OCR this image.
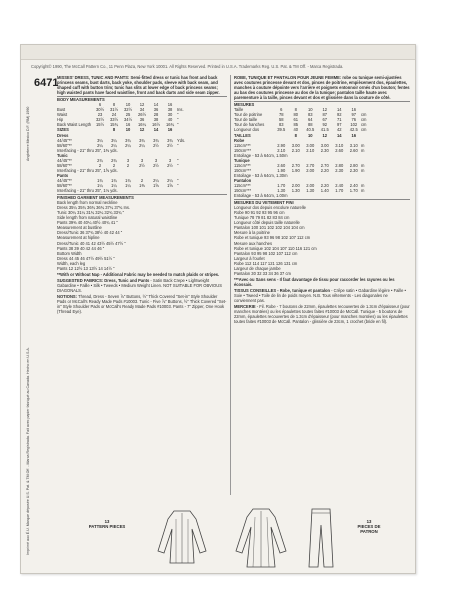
Copyright© 1990, The McCall Pattern Co., 11 Penn Plaza, New York 10001. All Rights Reserved. Printed in U.S.A. Trademarks Reg. U.S. Pat. & TM Off. - Marca Registrada.
Angleterre Mexico D.F. (RM) 1990
Imprimé aux É.U. Marque déposée U.S. Pat. & TM Off. - Marca Registrada. Fait avec papier fabriqué au Canada. Hecho en U.S.A.
6471
MISSES' DRESS, TUNIC AND PANTS: Semi-fitted dress or tunic has front and back princess seams, bust darts, back yoke, shoulder pads, sleeve with back seam, and shaped cuff with button trim; tunic has slits at lower edge of back princess seams; high waisted pants have faced waistline, front and back darts and side seam zipper.
BODY MEASUREMENTS
6	8	10	12	14	16
Bust	30½	31½	32½	34	36	38	Ins.
Waist	23	24	25	26½	28	30	"
Hip	32½	33½	34½	36	38	40	"
Back Waist Length	15½	15¾	16	16¼	16½	16¾ "
SIZES	8	10	12	14	16
Dress
44/45"**	3¼	3¼	3¾	3¾	3¾	3¾	Yds.
58/60"**	2¼	2¼	2¼	2¼	2½	2½	"
Interfacing - 21" thru 25", 1⅜ yds.
Tunic
44/45"**	2¾	2¾	3	3	3	3	"
58/60"**	2	2	2	2½	2½	2½	"
Interfacing - 21" thru 25", 1⅝ yds.
Pants
44/45"**	1¾	1¾	1¾	2	2¼	2¼	"
58/60"**	1¼	1¼	1¼	1⅜	1⅝	1⅝	"
Interfacing - 21" thru 25", 1⅛ yds.
FINISHED GARMENT MEASUREMENTS
Back length from normal neckline
Dress 35¼ 35¾ 36¾ 36¾ 37¼ 37¾ Ins.
Tunic 30¼ 31¼ 31¾ 32¼ 32¾ 33¾ "
Side length from natural waistline
Pants 39⅜ 40 40¼ 40½ 40¾ 41 "
Measurement at bustline
Dress/Tunic 36 37¾ 38½ 40 42 44 "
Measurement at hipline
Dress/Tunic 40 41 42 43½ 45½ 47½ "
Pants 38 39 40 42 44 46 "
Bottom Width
Dress 44 45 46 47½ 49½ 51½ "
Width, each leg
Pants 12 12½ 13 13½ 14 14½ "
**With or Without Nap - Additional Fabric may be needed to match plaids or stripes.
SUGGESTED FABRICS: Dress, Tunic and Pants - Satin Back Crepe • Lightweight Gabardine • Faille • Silk • Tweeds • Medium Weight Linen. NOT SUITABLE FOR OBVIOUS DIAGONALS.
NOTIONS: Thread, Dress - Seven ⅞" Buttons, ½" Thick Covered "Set-in" Style Shoulder Pads or McCall's Ready Made Pads #10003. Tunic - Five ⅞" Buttons, ½" Thick Covered "Set-in" Style Shoulder Pads or McCall's Ready Made Pads #10003. Pants - 7" Zipper, One Hook (Thread Eye).
ROBE, TUNIQUE ET PANTALON POUR JEUNE FEMME: robe ou tunique semi-ajustées avec coutures princesse devant et dos, pinces de poitrine, empiècement dos, épaulettes, manches à couture dépointe vers l'arrière et poignets entonnoir ornés d'un bouton; fentes au bas des coutures princesse au dos de la tunique; pantalon taille haute avec parementure à la taille, pinces devant et dos et glissière dans la couture de côté.
MESURES
Taille	6	8	10	12	14	16
Tour de poitrine	78	80	83	87	92	97	cm
Tour de taille	58	61	64	67	71	76	cm
Tour de hanches	83	85	88	92	97	102 cm
Longueur dos	39.5	40	40.5	41.5	42	42.5 cm
TAILLES	8	10	12	14	16
Robe
115cm***	2.90	3.00	3.00	3.00	3.10	3.10 m
150cm***	2.10	2.10	2.10	2.30	2.60	2.60 m
Entoilage - 53 à 64cm, 1.50m
Tunique
115cm***	2.60	2.70	2.70	2.70	2.80	2.80 m
150cm***	1.90	1.90	2.00	2.20	2.30	2.30 m
Entoilage - 53 à 64cm, 1.30m
Pantalon
115cm***	1.70	2.00	2.00	2.20	2.40	2.40 m
150cm***	1.30	1.30	1.30	1.40	1.70	1.70 m
Entoilage - 53 à 64cm, 1.00m
MESURES DU VETEMENT FINI
Longueur dos depuis encolure naturelle
Robe 90 91 92 93 95 96 cm
Tunique 78 79 81 82 83 84 cm
Longueur côté depuis taille naturelle
Pantalon 100 101 102 102 104 104 cm
Mesure à la poitrine
Robe et tunique 93 96 98 102 107 112 cm
Mesure aux hanches
Robe et tunique 102 104 107 110 116 121 cm
Pantalon 93 95 98 102 107 112 cm
Largeur à l'ourlet
Robe 112 114 117 121 126 131 cm
Largeur de chaque jambe
Pantalon 30 32 33 34 36 37 cm
***Avec ou Sans sens - Il faut davantage de tissu pour raccorder les rayures ou les écossais.
TISSUS CONSEILLES - Robe, tunique et pantalon - Crêpe satin • Gabardine légère • Faille • Soie • Tweed • Toile de lin de poids moyen. N.B. Tous vêtements - Les diagonales ne conviennent pas.
MERCERIE - Fil. Robe - 7 boutons de 22mm, épaulettes recouvertes de 1.3cm d'épaisseur (pour manches montées) ou les épaulettes toutes faites #10003 de McCall. Tunique - 5 boutons de 22mm, épaulettes recouvertes de 1.3cm d'épaisseur (pour manches montées) ou les épaulettes toutes faites #10003 de McCall. Pantalon - glissière de 23cm, 1 crochet (bride en fil).
13
PATTERN PIECES
13
PIECES DE PATRON
